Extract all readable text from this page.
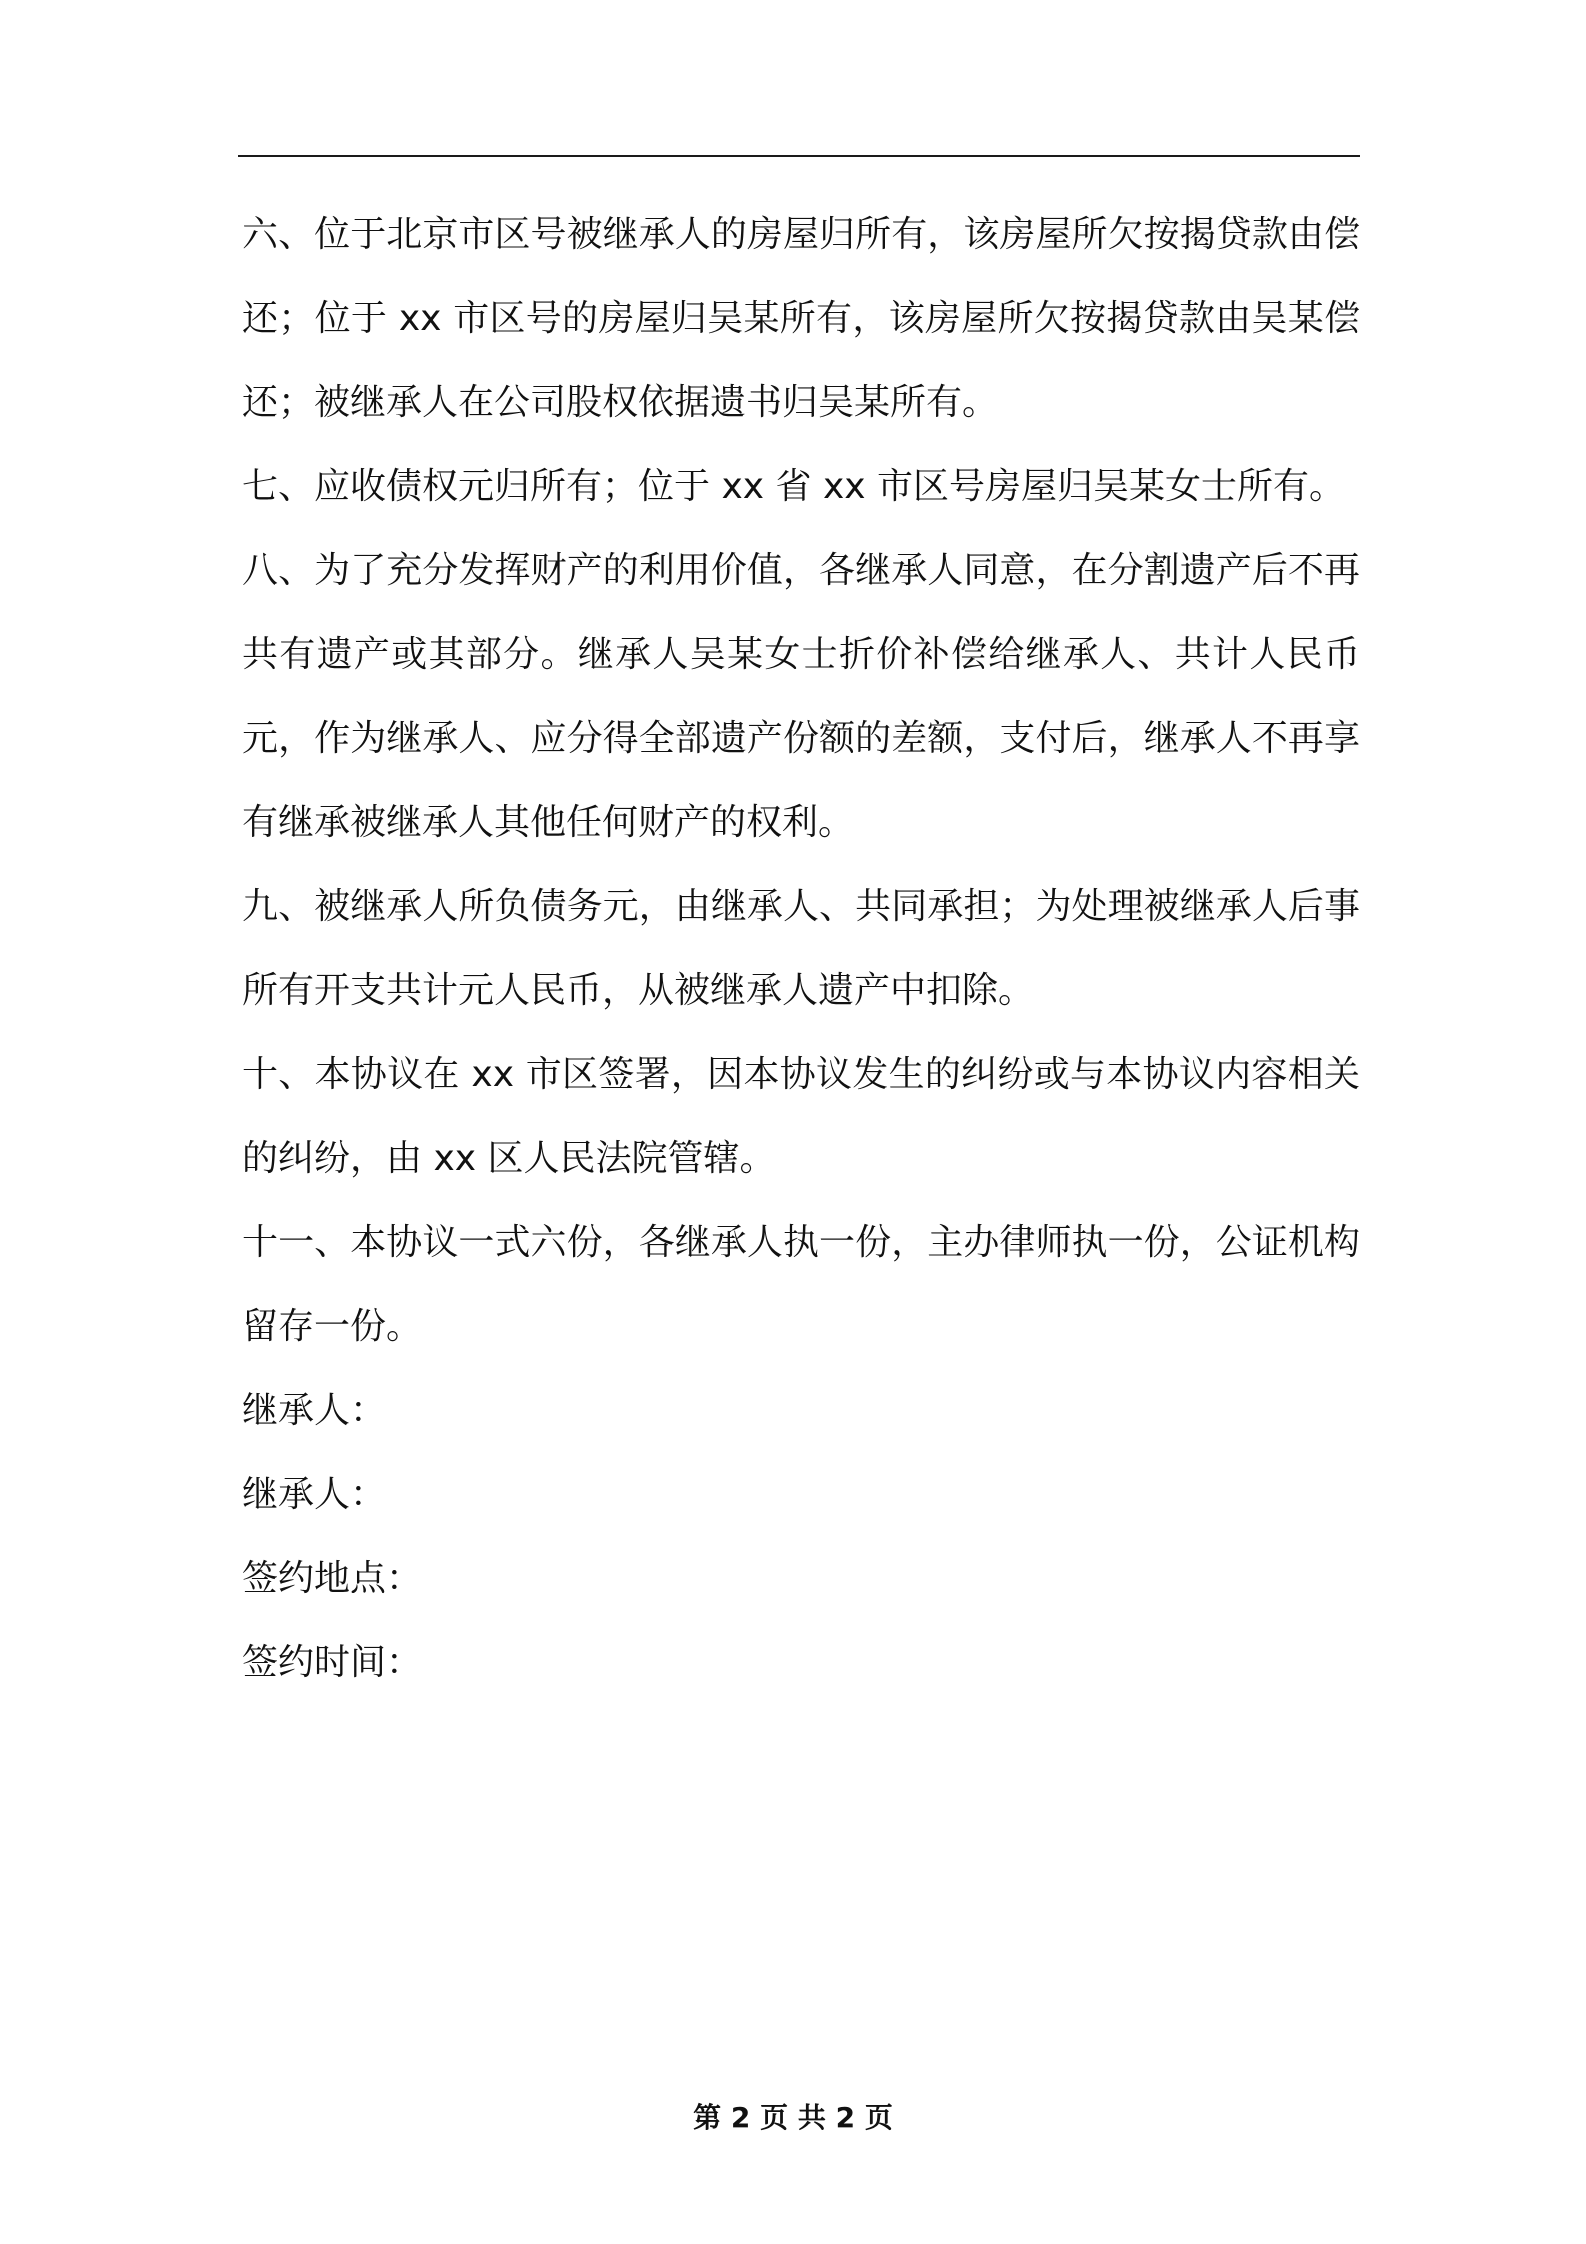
六、位于北京市区号被继承人的房屋归所有，该房屋所欠按揭贷款由偿还；位于 xx 市区号的房屋归吴某所有，该房屋所欠按揭贷款由吴某偿还；被继承人在公司股权依据遗书归吴某所有。

七、应收债权元归所有；位于 xx 省 xx 市区号房屋归吴某女士所有。

八、为了充分发挥财产的利用价值，各继承人同意，在分割遗产后不再共有遗产或其部分。继承人吴某女士折价补偿给继承人、共计人民币　元，作为继承人、应分得全部遗产份额的差额，支付后，继承人不再享有继承被继承人其他任何财产的权利。

九、被继承人所负债务元，由继承人、共同承担；为处理被继承人后事所有开支共计元人民币，从被继承人遗产中扣除。

十、本协议在 xx 市区签署，因本协议发生的纠纷或与本协议内容相关的纠纷，由 xx 区人民法院管辖。

十一、本协议一式六份，各继承人执一份，主办律师执一份，公证机构留存一份。

继承人：

继承人：

签约地点：

签约时间：

第 2 页 共 2 页
